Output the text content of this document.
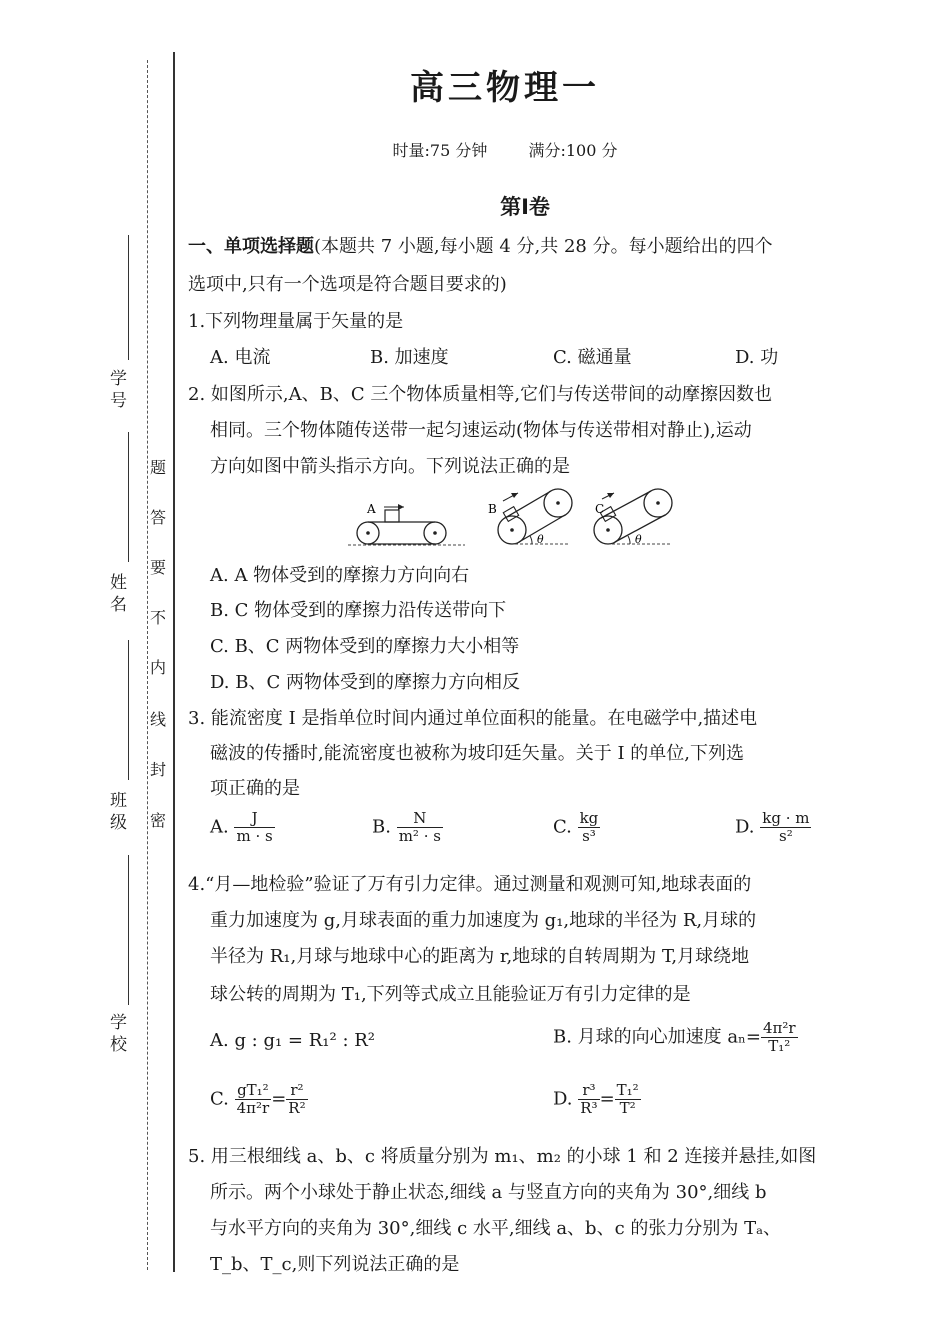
学　号
姓　名
班　级
学　校
题
答
要
不
内
线
封
密
高三物理一
时量:75 分钟	满分:100 分
第Ⅰ卷
一、单项选择题(本题共 7 小题,每小题 4 分,共 28 分。每小题给出的四个
选项中,只有一个选项是符合题目要求的)
1.下列物理量属于矢量的是
A. 电流	B. 加速度	C. 磁通量	D. 功
2. 如图所示,A、B、C 三个物体质量相等,它们与传送带间的动摩擦因数也
相同。三个物体随传送带一起匀速运动(物体与传送带相对静止),运动
方向如图中箭头指示方向。下列说法正确的是
A	B
θ
C
θ
A. A 物体受到的摩擦力方向向右
B. C 物体受到的摩擦力沿传送带向下
C. B、C 两物体受到的摩擦力大小相等
D. B、C 两物体受到的摩擦力方向相反
3. 能流密度 I 是指单位时间内通过单位面积的能量。在电磁学中,描述电
磁波的传播时,能流密度也被称为坡印廷矢量。关于 I 的单位,下列选
项正确的是
A. $\frac{J}{m \cdot s}$	B. $\frac{N}{\text{m² · s}}$	C. $\frac{kg}{\text{s³}}$	D. $\frac{kg \cdot m}{\text{s²}}$
4.“月—地检验”验证了万有引力定律。通过测量和观测可知,地球表面的
重力加速度为 g,月球表面的重力加速度为 g₁,地球的半径为 R,月球的
半径为 R₁,月球与地球中心的距离为 r,地球的自转周期为 T,月球绕地
球公转的周期为 T₁,下列等式成立且能验证万有引力定律的是
A. g : g₁ = R₁² : R²	B. 月球的向心加速度 $a_n= \frac{\text{4π²r}}{\text{T₁²}}$
C. $\frac{\text{gT₁²}}{\text{4π²r}} = \frac{\text{r²}}{\text{R²}}$	D. $\frac{\text{r³}}{\text{R³}} = \frac{\text{T₁²}}{\text{T²}}$
5. 用三根细线 a、b、c 将质量分别为 m₁、m₂ 的小球 1 和 2 连接并悬挂,如图
所示。两个小球处于静止状态,细线 a 与竖直方向的夹角为 30°,细线 b
与水平方向的夹角为 30°,细线 c 水平,细线 a、b、c 的张力分别为 Tₐ、
T_b、T_c,则下列说法正确的是
